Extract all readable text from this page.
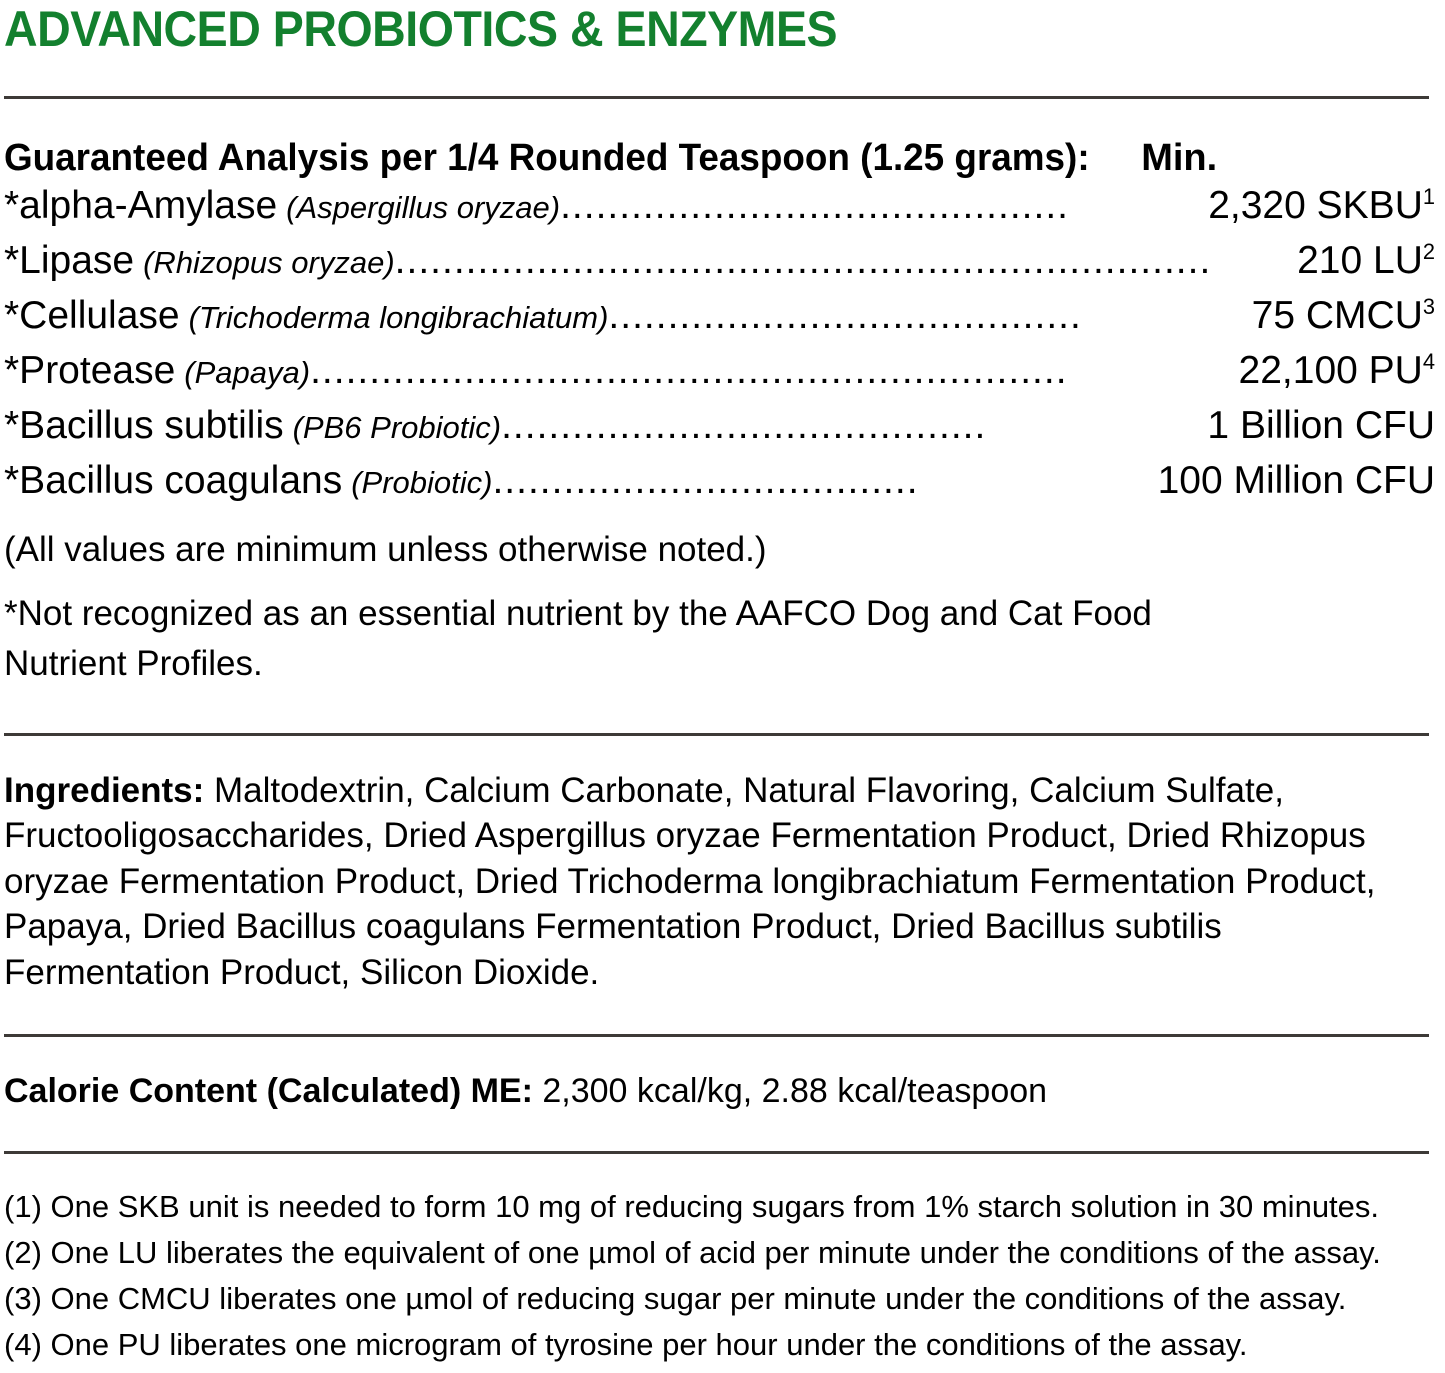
ADVANCED PROBIOTICS & ENZYMES
Guaranteed Analysis per 1/4 Rounded Teaspoon (1.25 grams): Min.
*alpha-Amylase (Aspergillus oryzae) ...........................................	2,320 SKBU$^1$
*Lipase (Rhizopus oryzae) .....................................................................	210 $LU^2$
*Cellulase (Trichoderma longibrachiatum) ........................................	75 CMCU$^3$
*Protease (Papaya) ................................................................	22,100 $PU^4$
*Bacillus subtilis (PB6 Probiotic) .........................................	1 Billion CFU
*Bacillus coagulans (Probiotic) ....................................	100 Million CFU
(All values are minimum unless otherwise noted.)
*Not recognized as an essential nutrient by the AAFCO Dog and Cat Food Nutrient Profiles.
Ingredients: Maltodextrin, Calcium Carbonate, Natural Flavoring, Calcium Sulfate, Fructooligosaccharides, Dried Aspergillus oryzae Fermentation Product, Dried Rhizopus oryzae Fermentation Product, Dried Trichoderma longibrachiatum Fermentation Product, Papaya, Dried Bacillus coagulans Fermentation Product, Dried Bacillus subtilis Fermentation Product, Silicon Dioxide.
Calorie Content (Calculated) ME: 2,300 kcal/kg, 2.88 kcal/teaspoon
(1) One SKB unit is needed to form 10 mg of reducing sugars from 1% starch solution in 30 minutes.
(2) One LU liberates the equivalent of one µmol of acid per minute under the conditions of the assay.
(3) One CMCU liberates one µmol of reducing sugar per minute under the conditions of the assay.
(4) One PU liberates one microgram of tyrosine per hour under the conditions of the assay.
